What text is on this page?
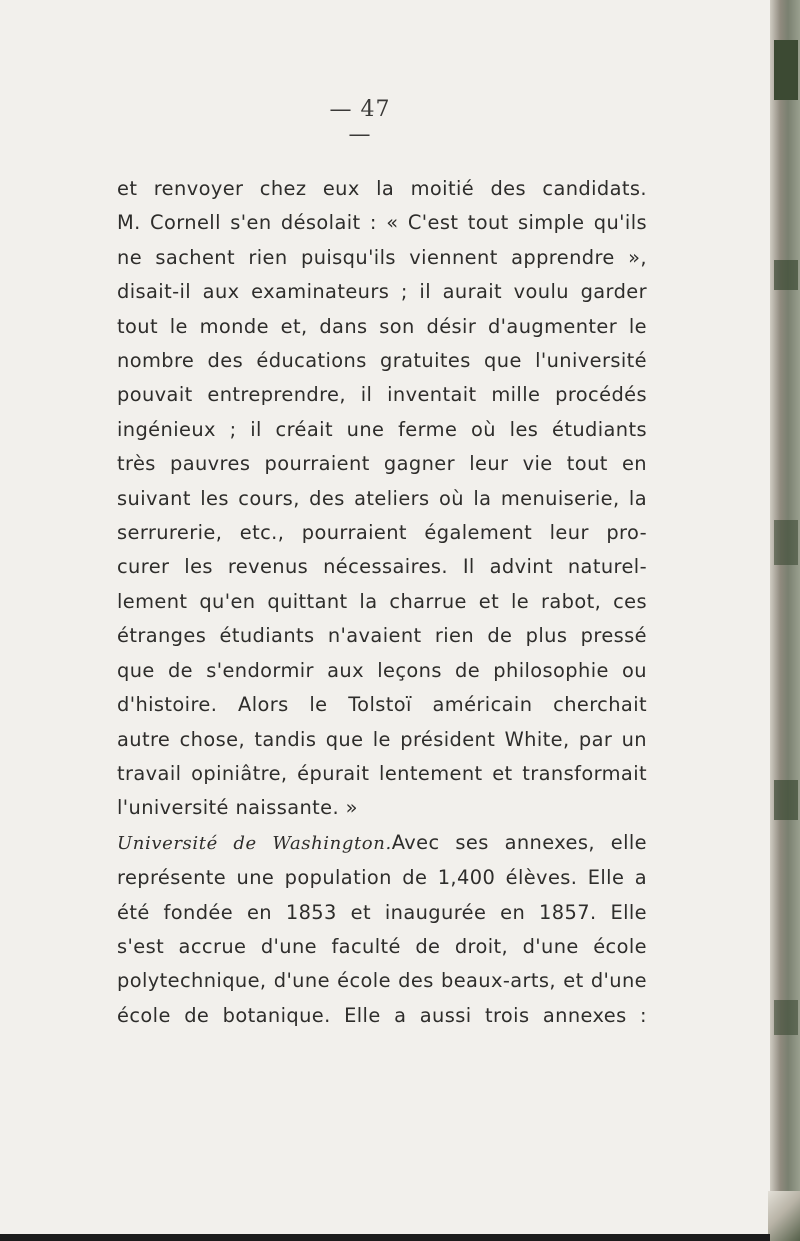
— 47 —
et renvoyer chez eux la moitié des candidats.
M. Cornell s'en désolait : « C'est tout simple qu'ils
ne sachent rien puisqu'ils viennent apprendre »,
disait-il aux examinateurs ; il aurait voulu garder
tout le monde et, dans son désir d'augmenter le
nombre des éducations gratuites que l'université
pouvait entreprendre, il inventait mille procédés
ingénieux ; il créait une ferme où les étudiants
très pauvres pourraient gagner leur vie tout en
suivant les cours, des ateliers où la menuiserie, la
serrurerie, etc., pourraient également leur pro-
curer les revenus nécessaires. Il advint naturel-
lement qu'en quittant la charrue et le rabot, ces
étranges étudiants n'avaient rien de plus pressé
que de s'endormir aux leçons de philosophie ou
d'histoire. Alors le Tolstoï américain cherchait
autre chose, tandis que le président White, par un
travail opiniâtre, épurait lentement et transformait
l'université naissante. »
Université de Washington.Avec ses annexes, elle
représente une population de 1,400 élèves. Elle a
été fondée en 1853 et inaugurée en 1857. Elle
s'est accrue d'une faculté de droit, d'une école
polytechnique, d'une école des beaux-arts, et d'une
école de botanique. Elle a aussi trois annexes :
